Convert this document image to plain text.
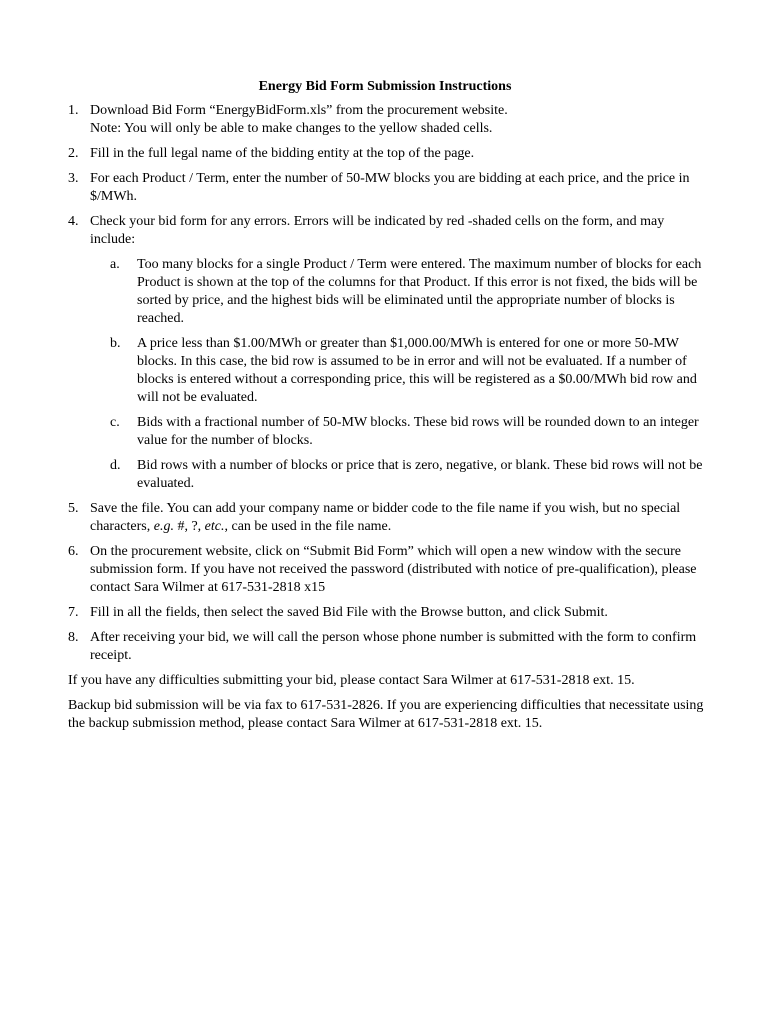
Energy Bid Form Submission Instructions
1. Download Bid Form “EnergyBidForm.xls” from the procurement website.
Note: You will only be able to make changes to the yellow shaded cells.
2. Fill in the full legal name of the bidding entity at the top of the page.
3. For each Product / Term, enter the number of 50-MW blocks you are bidding at each price, and the price in $/MWh.
4. Check your bid form for any errors. Errors will be indicated by red -shaded cells on the form, and may include:
a.	Too many blocks for a single Product / Term were entered. The maximum number of blocks for each Product is shown at the top of the columns for that Product. If this error is not fixed, the bids will be sorted by price, and the highest bids will be eliminated until the appropriate number of blocks is reached.
b.	A price less than $1.00/MWh or greater than $1,000.00/MWh is entered for one or more 50-MW blocks. In this case, the bid row is assumed to be in error and will not be evaluated. If a number of blocks is entered without a corresponding price, this will be registered as a $0.00/MWh bid row and will not be evaluated.
c.	Bids with a fractional number of 50-MW blocks. These bid rows will be rounded down to an integer value for the number of blocks.
d.	Bid rows with a number of blocks or price that is zero, negative, or blank. These bid rows will not be evaluated.
5. Save the file. You can add your company name or bidder code to the file name if you wish, but no special characters, e.g. #, ?, etc., can be used in the file name.
6. On the procurement website, click on “Submit Bid Form” which will open a new window with the secure submission form. If you have not received the password (distributed with notice of pre-qualification), please contact Sara Wilmer at 617-531-2818 x15
7. Fill in all the fields, then select the saved Bid File with the Browse button, and click Submit.
8. After receiving your bid, we will call the person whose phone number is submitted with the form to confirm receipt.

If you have any difficulties submitting your bid, please contact Sara Wilmer at 617-531-2818 ext. 15.

Backup bid submission will be via fax to 617-531-2826. If you are experiencing difficulties that necessitate using the backup submission method, please contact Sara Wilmer at 617-531-2818 ext. 15.
